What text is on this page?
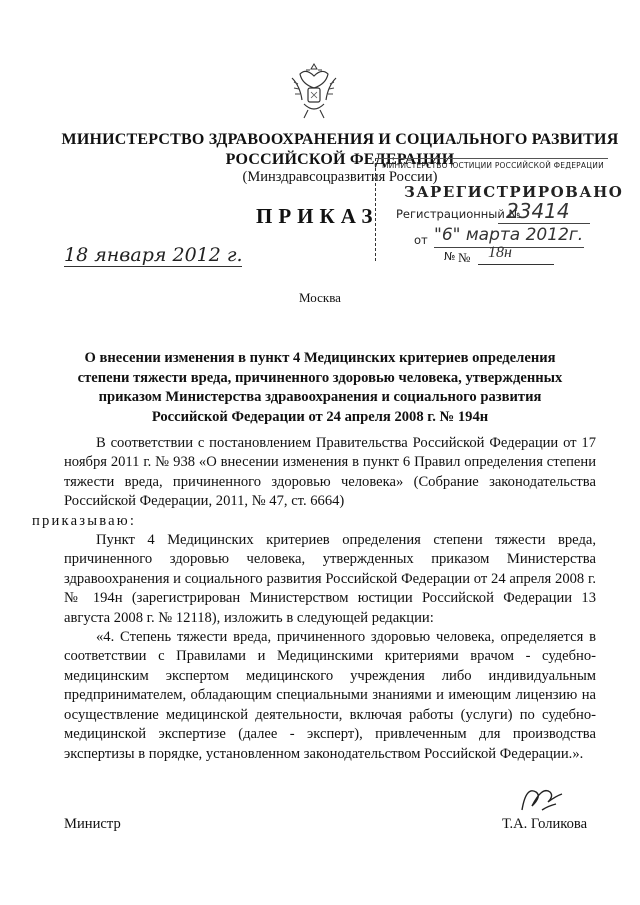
МИНИСТЕРСТВО ЗДРАВООХРАНЕНИЯ И СОЦИАЛЬНОГО РАЗВИТИЯ
РОССИЙСКОЙ ФЕДЕРАЦИИ
(Минздравсоцразвития России)
ПРИКАЗ
МИНИСТЕРСТВО ЮСТИЦИИ РОССИЙСКОЙ ФЕДЕРАЦИИ
ЗАРЕГИСТРИРОВАНО
Регистрационный №
23414
от "6" марта 2012г.
№
18 января 2012 г.	№ 18н
Москва
О внесении изменения в пункт 4 Медицинских критериев определения степени тяжести вреда, причиненного здоровью человека, утвержденных приказом Министерства здравоохранения и социального развития Российской Федерации от 24 апреля 2008 г. № 194н

В соответствии с постановлением Правительства Российской Федерации от 17 ноября 2011 г. № 938 «О внесении изменения в пункт 6 Правил определения степени тяжести вреда, причиненного здоровью человека» (Собрание законодательства Российской Федерации, 2011, № 47, ст. 6664)
приказываю:

Пункт 4 Медицинских критериев определения степени тяжести вреда, причиненного здоровью человека, утвержденных приказом Министерства здравоохранения и социального развития Российской Федерации от 24 апреля 2008 г. № 194н (зарегистрирован Министерством юстиции Российской Федерации 13 августа 2008 г. № 12118), изложить в следующей редакции:

«4. Степень тяжести вреда, причиненного здоровью человека, определяется в соответствии с Правилами и Медицинскими критериями врачом - судебно-медицинским экспертом медицинского учреждения либо индивидуальным предпринимателем, обладающим специальными знаниями и имеющим лицензию на осуществление медицинской деятельности, включая работы (услуги) по судебно-медицинской экспертизе (далее - эксперт), привлеченным для производства экспертизы в порядке, установленном законодательством Российской Федерации.».

Министр	Т.А. Голикова
